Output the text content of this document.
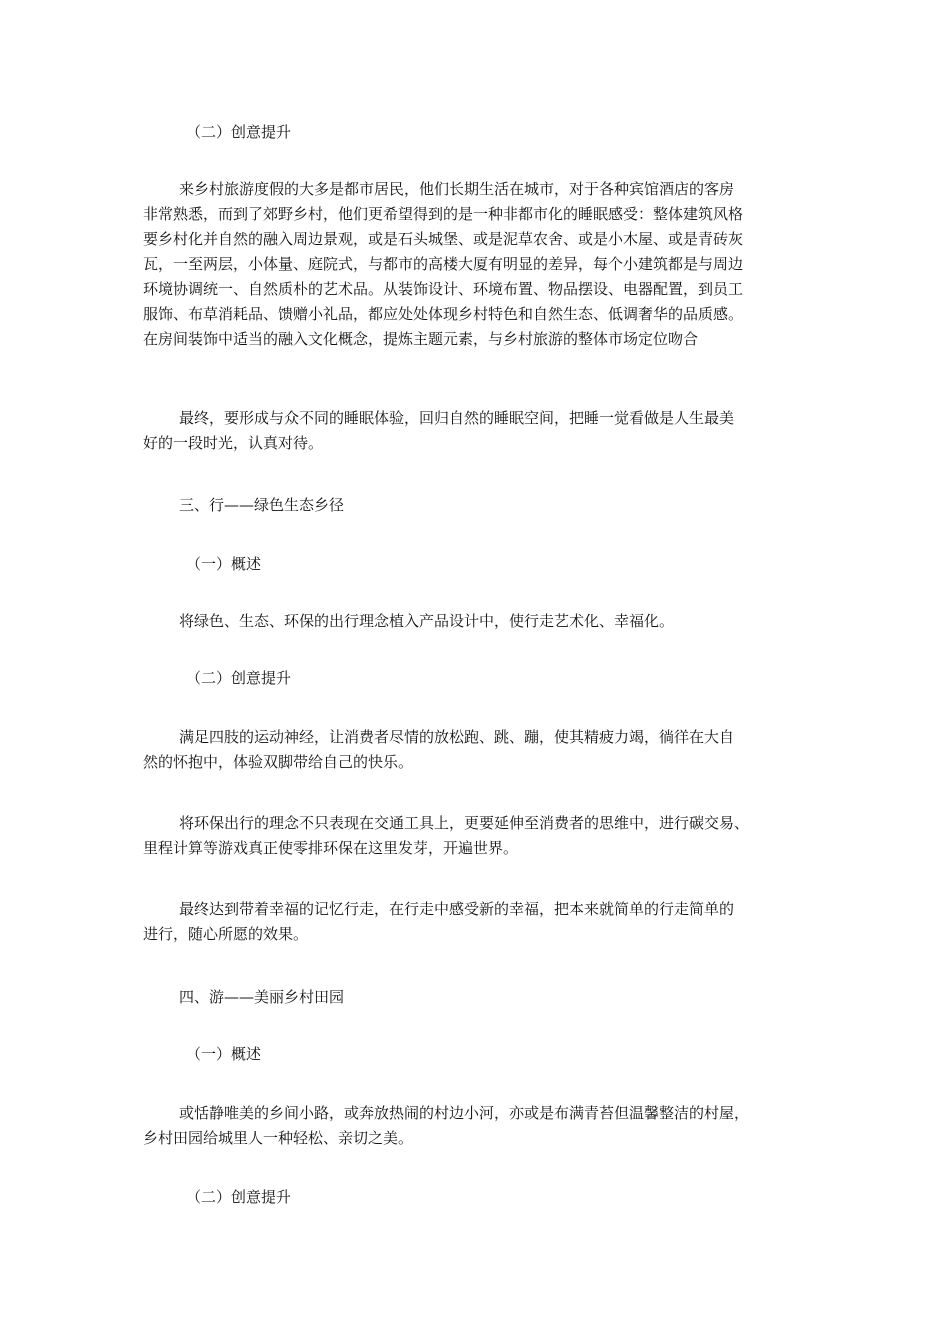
（二）创意提升
来乡村旅游度假的大多是都市居民，他们长期生活在城市，对于各种宾馆酒店的客房
非常熟悉，而到了郊野乡村，他们更希望得到的是一种非都市化的睡眠感受：整体建筑风格
要乡村化并自然的融入周边景观，或是石头城堡、或是泥草农舍、或是小木屋、或是青砖灰
瓦，一至两层，小体量、庭院式，与都市的高楼大厦有明显的差异，每个小建筑都是与周边
环境协调统一、自然质朴的艺术品。从装饰设计、环境布置、物品摆设、电器配置，到员工
服饰、布草消耗品、馈赠小礼品，都应处处体现乡村特色和自然生态、低调奢华的品质感。
在房间装饰中适当的融入文化概念，提炼主题元素，与乡村旅游的整体市场定位吻合
最终，要形成与众不同的睡眠体验，回归自然的睡眠空间，把睡一觉看做是人生最美
好的一段时光，认真对待。
三、行——绿色生态乡径
（一）概述
将绿色、生态、环保的出行理念植入产品设计中，使行走艺术化、幸福化。
（二）创意提升
满足四肢的运动神经，让消费者尽情的放松跑、跳、蹦，使其精疲力竭，徜徉在大自
然的怀抱中，体验双脚带给自己的快乐。
将环保出行的理念不只表现在交通工具上，更要延伸至消费者的思维中，进行碳交易、
里程计算等游戏真正使零排环保在这里发芽，开遍世界。
最终达到带着幸福的记忆行走，在行走中感受新的幸福，把本来就简单的行走简单的
进行，随心所愿的效果。
四、游——美丽乡村田园
（一）概述
或恬静唯美的乡间小路，或奔放热闹的村边小河，亦或是布满青苔但温馨整洁的村屋，
乡村田园给城里人一种轻松、亲切之美。
（二）创意提升
